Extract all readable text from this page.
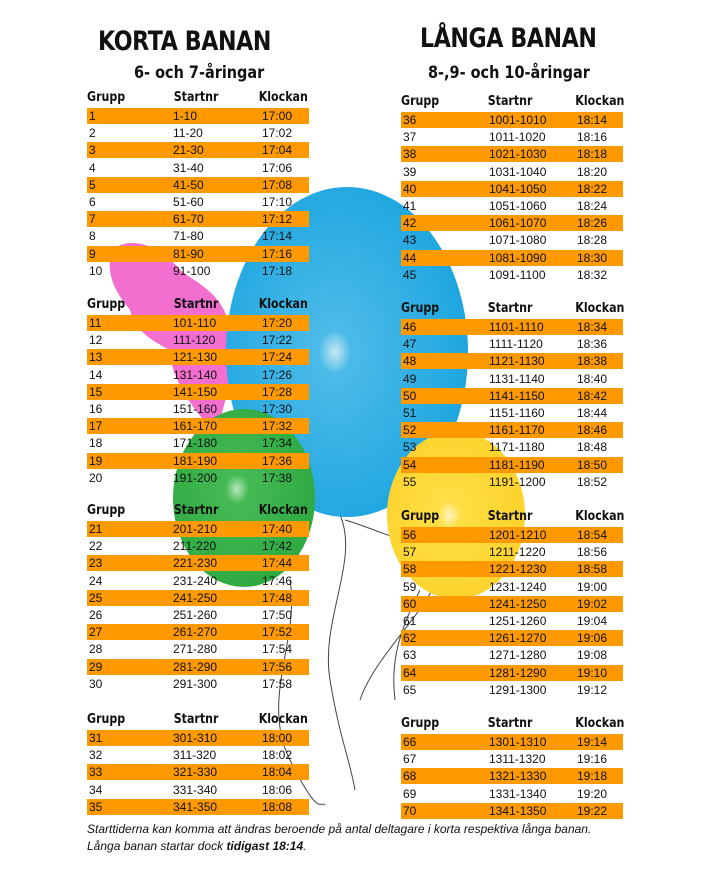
KORTA BANAN
6- och 7-åringar
Grupp	Startnr	Klockan
1	1-10	17:00
2	11-20	17:02
3	21-30	17:04
4	31-40	17:06
5	41-50	17:08
6	51-60	17:10
7	61-70	17:12
8	71-80	17:14
9	81-90	17:16
10	91-100	17:18
Grupp	Startnr	Klockan
11	101-110	17:20
12	111-120	17:22
13	121-130	17:24
14	131-140	17:26
15	141-150	17:28
16	151-160	17:30
17	161-170	17:32
18	171-180	17:34
19	181-190	17:36
20	191-200	17:38
Grupp	Startnr	Klockan
21	201-210	17:40
22	211-220	17:42
23	221-230	17:44
24	231-240	17:46
25	241-250	17:48
26	251-260	17:50
27	261-270	17:52
28	271-280	17:54
29	281-290	17:56
30	291-300	17:58
Grupp	Startnr	Klockan
31	301-310	18:00
32	311-320	18:02
33	321-330	18:04
34	331-340	18:06
35	341-350	18:08
LÅNGA BANAN
8-,9- och 10-åringar
Grupp	Startnr	Klockan
36	1001-1010	18:14
37	1011-1020	18:16
38	1021-1030	18:18
39	1031-1040	18:20
40	1041-1050	18:22
41	1051-1060	18:24
42	1061-1070	18:26
43	1071-1080	18:28
44	1081-1090	18:30
45	1091-1100	18:32
Grupp	Startnr	Klockan
46	1101-1110	18:34
47	1111-1120	18:36
48	1121-1130	18:38
49	1131-1140	18:40
50	1141-1150	18:42
51	1151-1160	18:44
52	1161-1170	18:46
53	1171-1180	18:48
54	1181-1190	18:50
55	1191-1200	18:52
Grupp	Startnr	Klockan
56	1201-1210	18:54
57	1211-1220	18:56
58	1221-1230	18:58
59	1231-1240	19:00
60	1241-1250	19:02
61	1251-1260	19:04
62	1261-1270	19:06
63	1271-1280	19:08
64	1281-1290	19:10
65	1291-1300	19:12
Grupp	Startnr	Klockan
66	1301-1310	19:14
67	1311-1320	19:16
68	1321-1330	19:18
69	1331-1340	19:20
70	1341-1350	19:22
Starttiderna kan komma att ändras beroende på antal deltagare i korta respektiva långa banan.
Långa banan startar dock tidigast 18:14.
